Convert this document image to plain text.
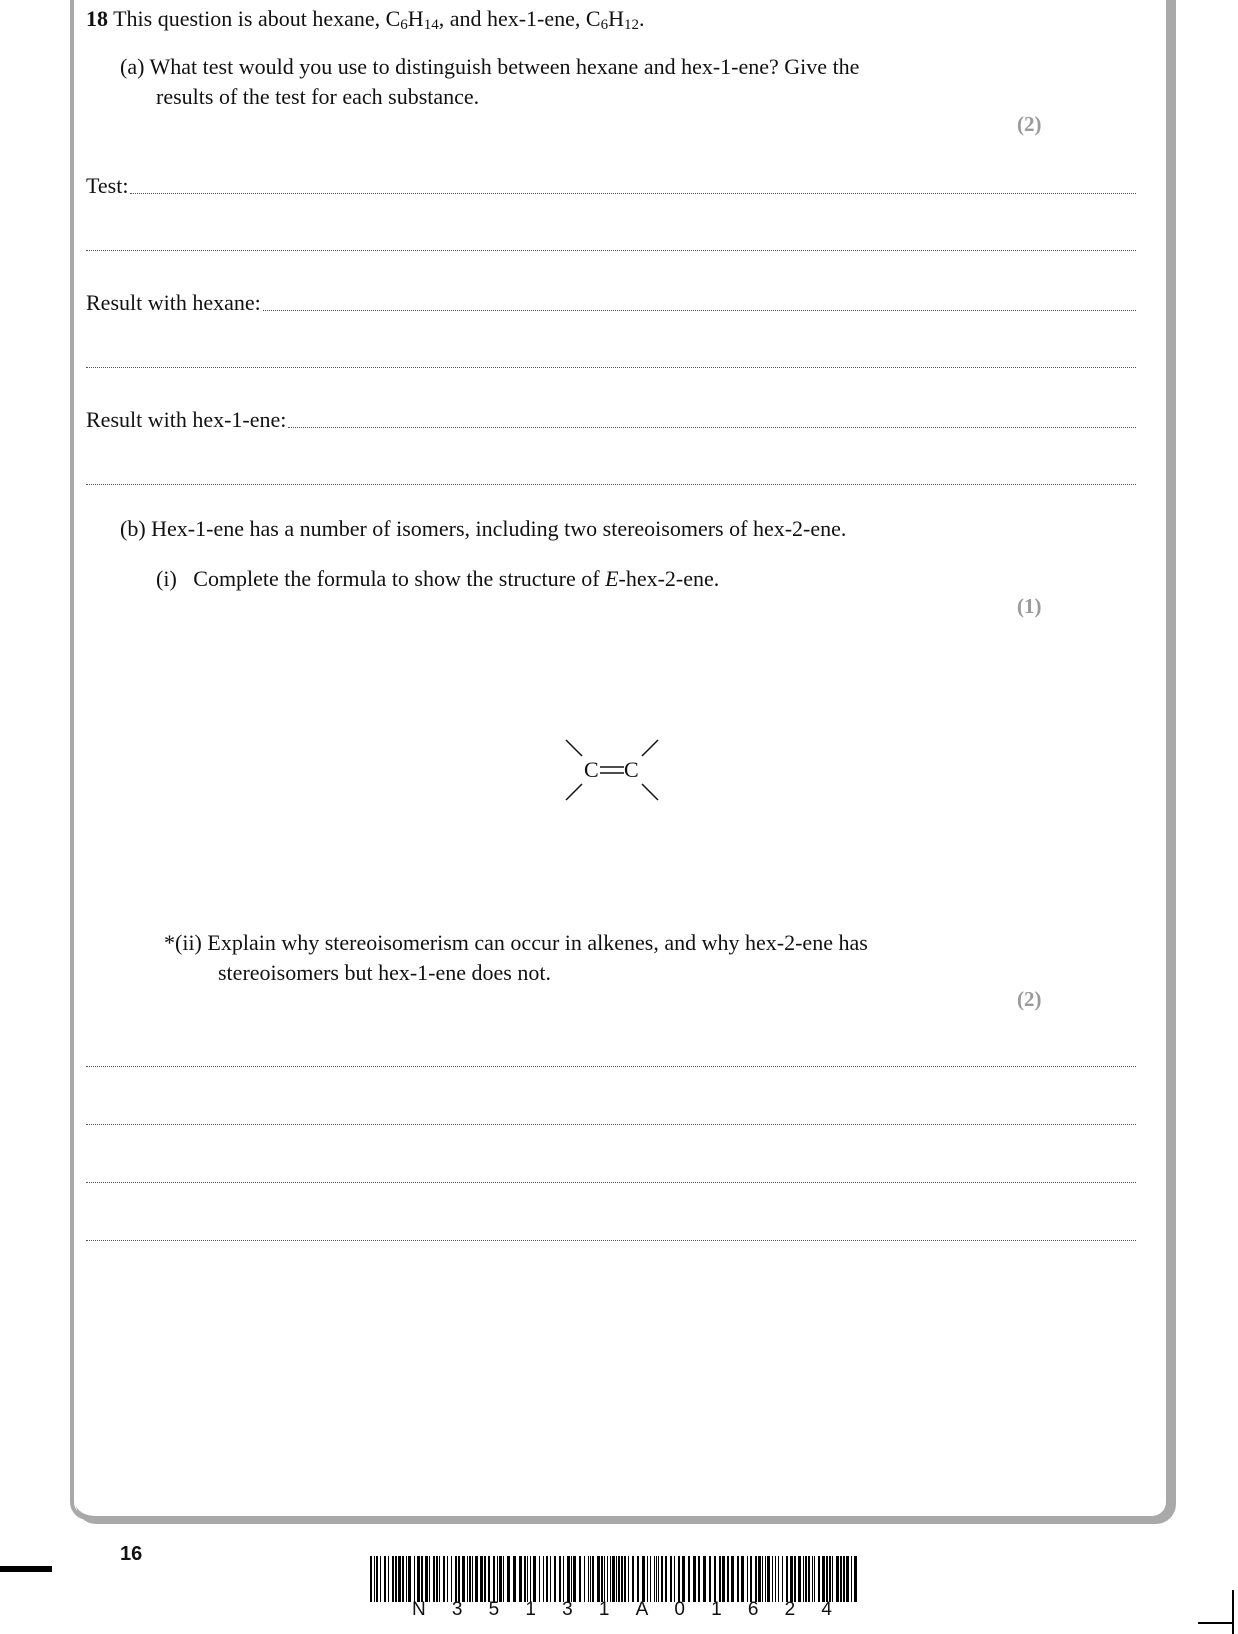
18 This question is about hexane, $C_6H_{14}$, and hex-1-ene, $C_6H_{12}$.
(a) What test would you use to distinguish between hexane and hex-1-ene? Give the
results of the test for each substance.
(2)
Test:
Result with hexane:
Result with hex-1-ene:
(b) Hex-1-ene has a number of isomers, including two stereoisomers of hex-2-ene.
(i) Complete the formula to show the structure of E-hex-2-ene.
(1)
C C
*(ii) Explain why stereoisomerism can occur in alkenes, and why hex-2-ene has
stereoisomers but hex-1-ene does not.
(2)
16
N 3 5 1 3 1 A 0 1 6 2 4
